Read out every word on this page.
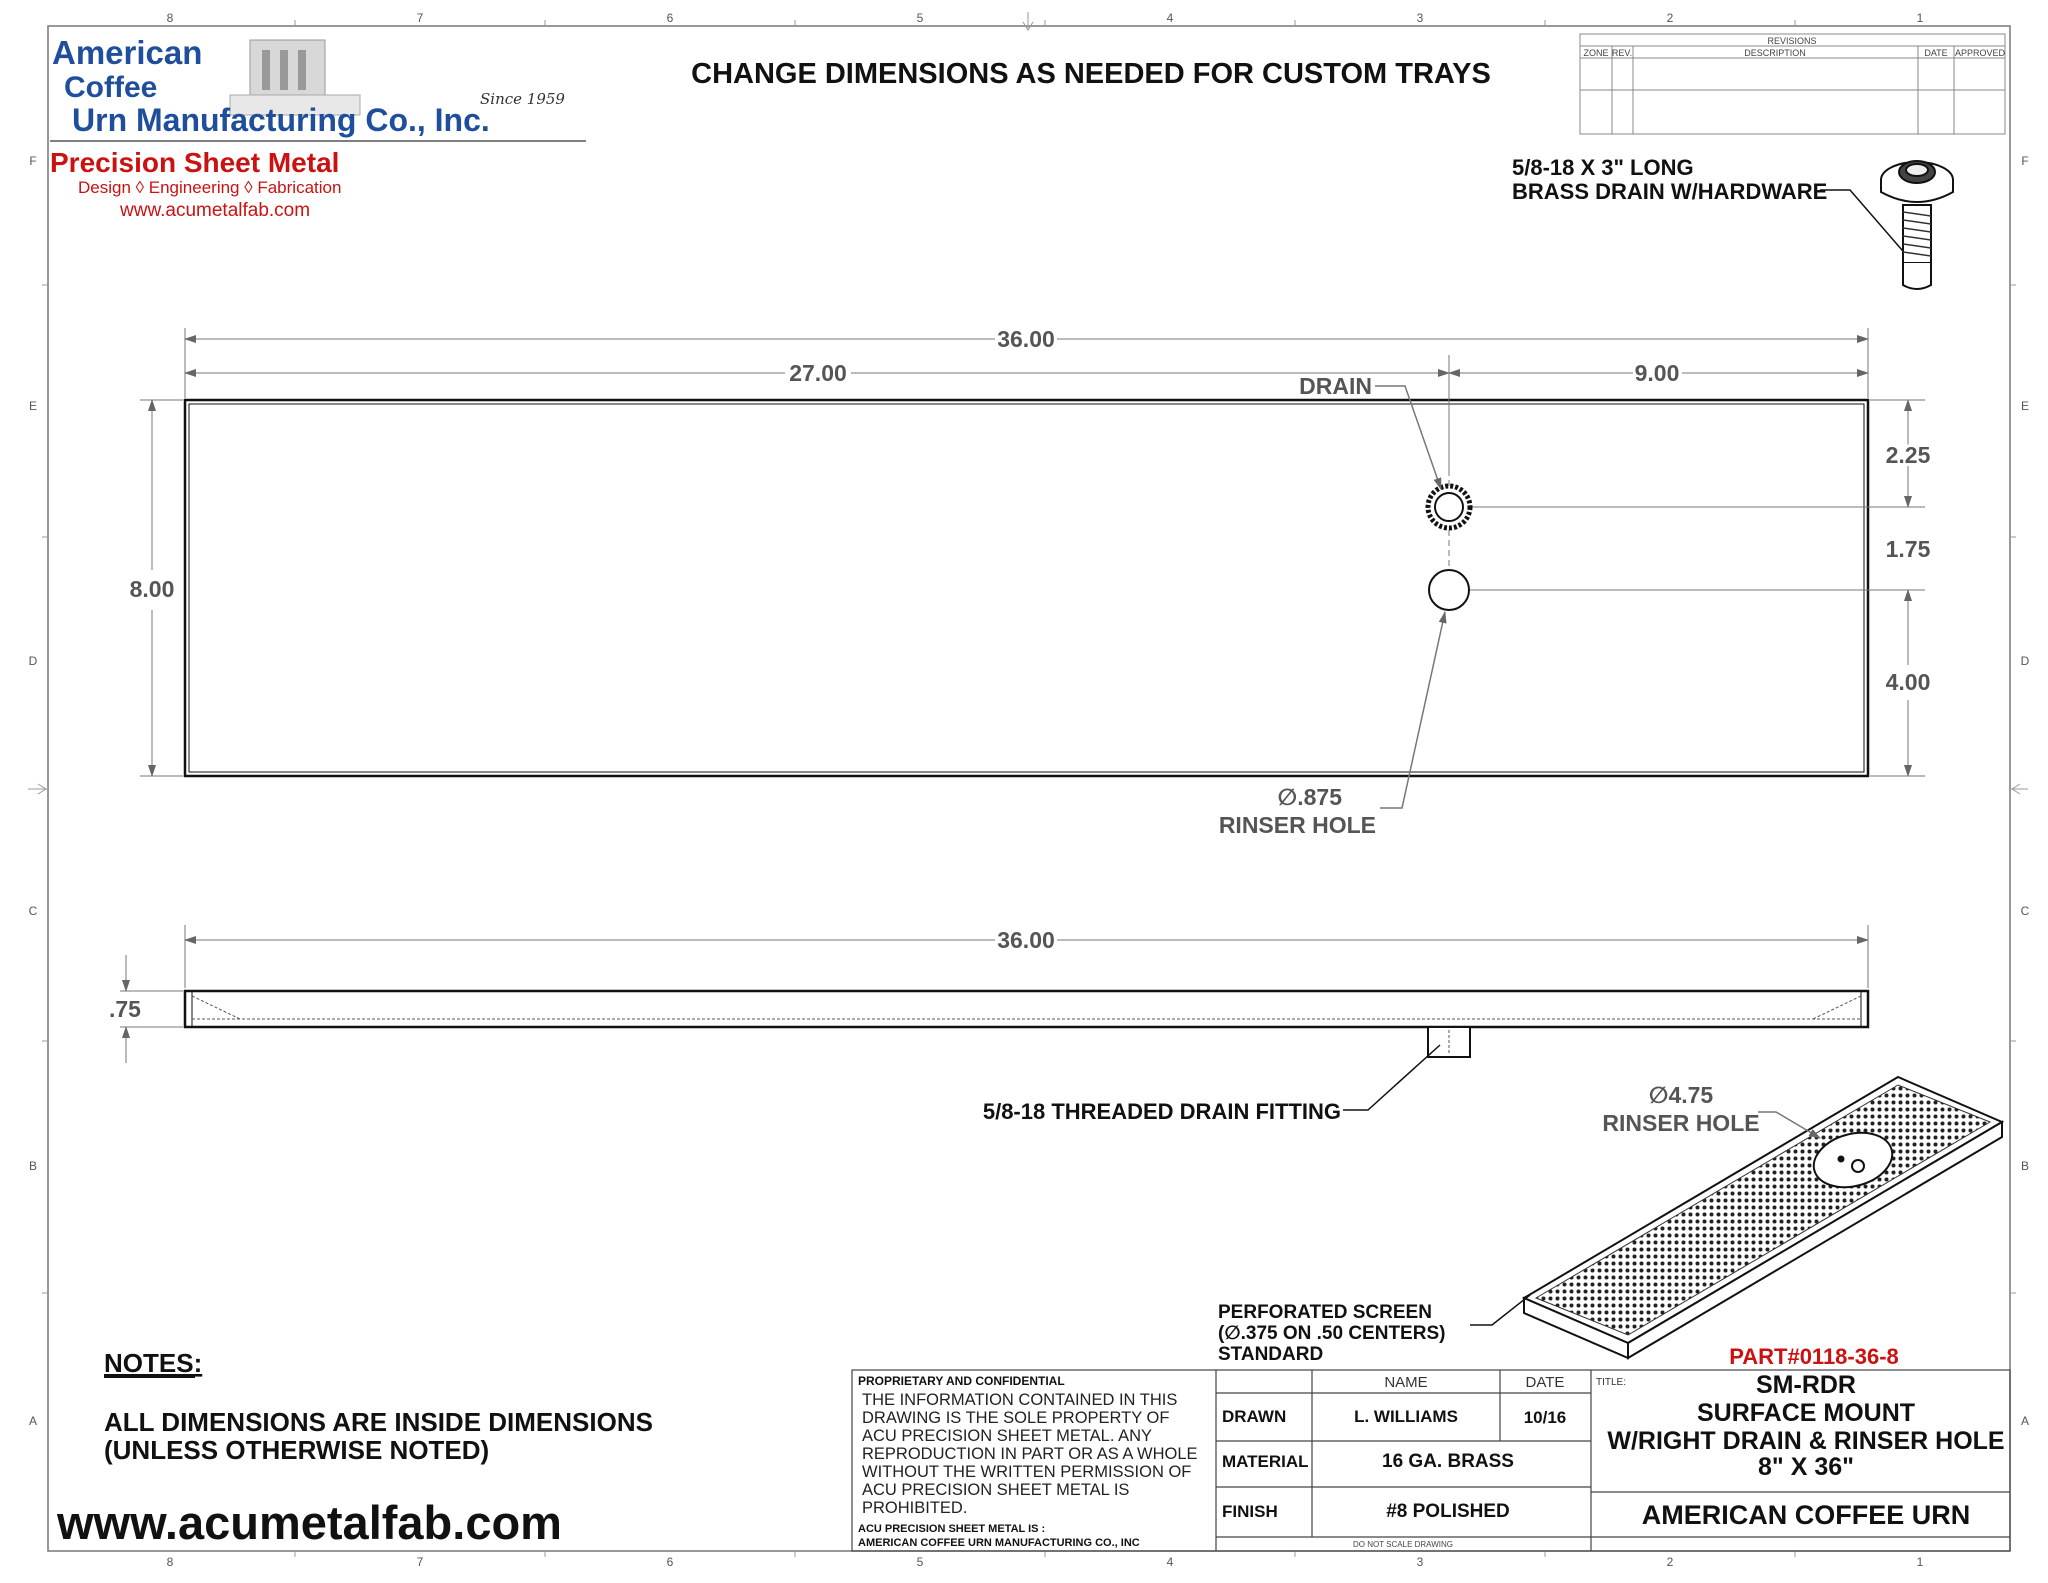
8
8
7
7
6
6
5
5
4
4
3
3
2
2
1
1
F	F
E	E
D	D
C	C
B	B
A	A
American
Coffee
Urn Manufacturing Co., Inc.
Since 1959
Precision Sheet Metal
Design ◊ Engineering ◊ Fabrication
www.acumetalfab.com
CHANGE DIMENSIONS AS NEEDED FOR CUSTOM TRAYS
REVISIONS
ZONE REV.	DESCRIPTION	DATE APPROVED
5/8-18 X 3" LONG
BRASS DRAIN W/HARDWARE
36.00
27.00	9.00
8.00
2.25
1.75
4.00
DRAIN
∅.875
RINSER HOLE
36.00
.75
5/8-18 THREADED DRAIN FITTING
∅4.75
RINSER HOLE
PERFORATED SCREEN
(∅.375 ON .50 CENTERS)
STANDARD
NOTES:
ALL DIMENSIONS ARE INSIDE DIMENSIONS
(UNLESS OTHERWISE NOTED)
PROPRIETARY AND CONFIDENTIAL
THE INFORMATION CONTAINED IN THIS
DRAWING IS THE SOLE PROPERTY OF
ACU PRECISION SHEET METAL. ANY
REPRODUCTION IN PART OR AS A WHOLE
WITHOUT THE WRITTEN PERMISSION OF
ACU PRECISION SHEET METAL IS
PROHIBITED.
ACU PRECISION SHEET METAL IS :
AMERICAN COFFEE URN MANUFACTURING CO., INC
NAME	DATE
DRAWN	L. WILLIAMS	10/16
MATERIAL	16 GA. BRASS
FINISH	#8 POLISHED
DO NOT SCALE DRAWING
TITLE:
PART#0118-36-8
SM-RDR
SURFACE MOUNT
W/RIGHT DRAIN & RINSER HOLE
8" X 36"
AMERICAN COFFEE URN
www.acumetalfab.com
